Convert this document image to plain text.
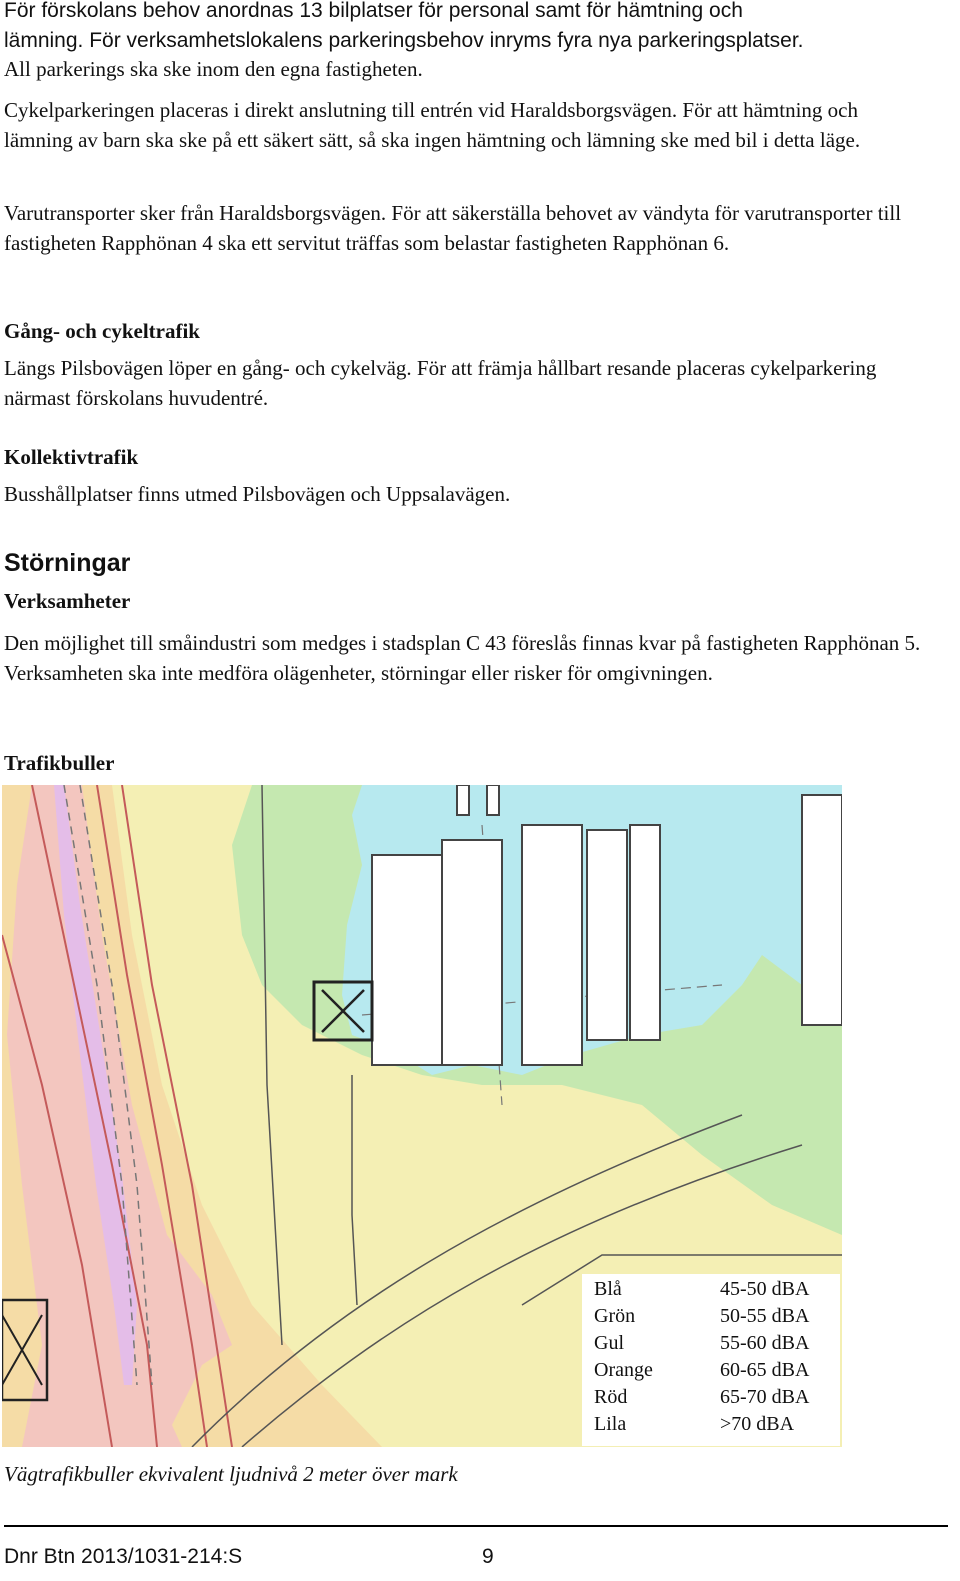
För förskolans behov anordnas 13 bilplatser för personal samt för hämtning och
lämning. För verksamhetslokalens parkeringsbehov inryms fyra nya parkeringsplatser.

All parkerings ska ske inom den egna fastigheten.

Cykelparkeringen placeras i direkt anslutning till entrén vid Haraldsborgsvägen. För att hämtning och lämning av barn ska ske på ett säkert sätt, så ska ingen hämtning och lämning ske med bil i detta läge.

Varutransporter sker från Haraldsborgsvägen. För att säkerställa behovet av vändyta för varutransporter till fastigheten Rapphönan 4 ska ett servitut träffas som belastar fastigheten Rapphönan 6.

Gång- och cykeltrafik

Längs Pilsbovägen löper en gång- och cykelväg. För att främja hållbart resande placeras cykelparkering närmast förskolans huvudentré.

Kollektivtrafik

Busshållplatser finns utmed Pilsbovägen och Uppsalavägen.

Störningar
Verksamheter

Den möjlighet till småindustri som medges i stadsplan C 43 föreslås finnas kvar på fastigheten Rapphönan 5. Verksamheten ska inte medföra olägenheter, störningar eller risker för omgivningen.

Trafikbuller
Blå	45-50 dBA
Grön	50-55 dBA
Gul	55-60 dBA
Orange	60-65 dBA
Röd	65-70 dBA
Lila	>70 dBA

Vägtrafikbuller ekvivalent ljudnivå 2 meter över mark

Dnr Btn 2013/1031-214:S	9
